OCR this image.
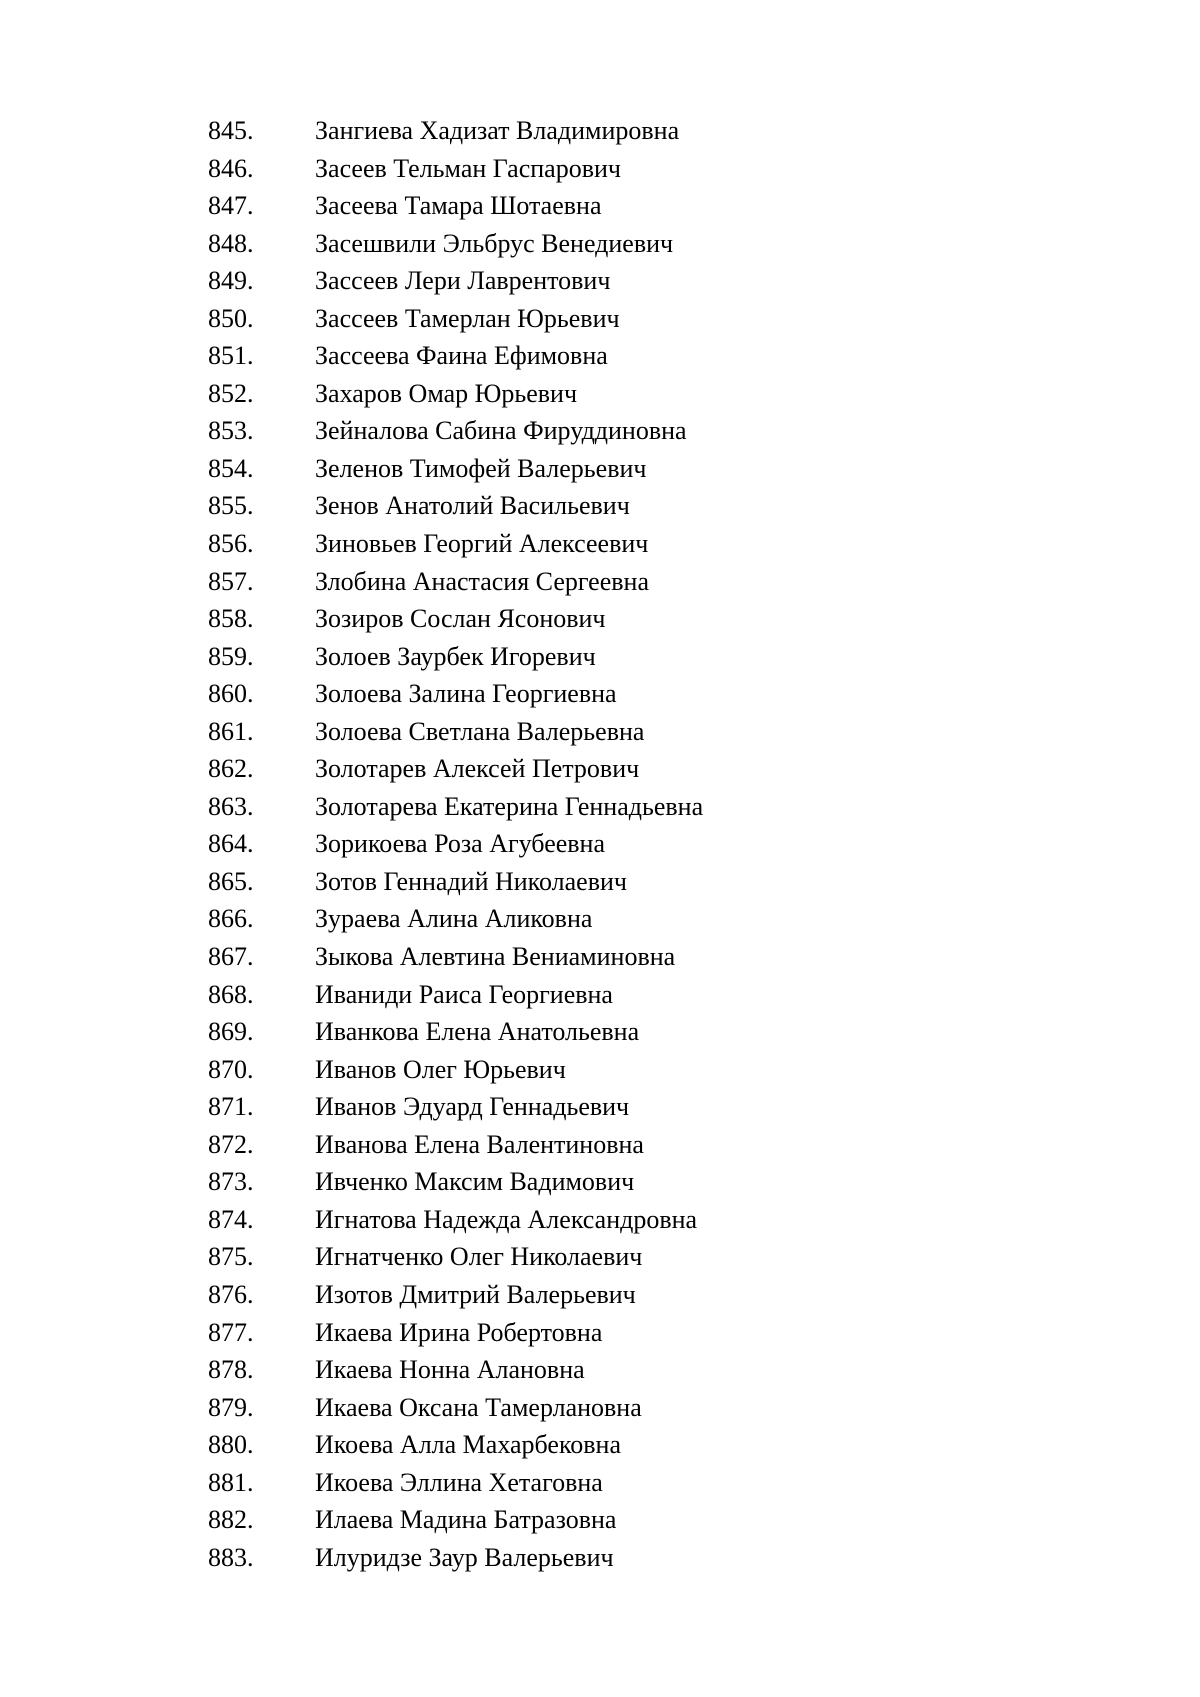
845. Зангиева Хадизат Владимировна
846. Засеев Тельман Гаспарович
847. Засеева Тамара Шотаевна
848. Засешвили Эльбрус Венедиевич
849. Зассеев Лери Лаврентович
850. Зассеев Тамерлан Юрьевич
851. Зассеева Фаина Ефимовна
852. Захаров Омар Юрьевич
853. Зейналова Сабина Фируддиновна
854. Зеленов Тимофей Валерьевич
855. Зенов Анатолий Васильевич
856. Зиновьев Георгий Алексеевич
857. Злобина Анастасия Сергеевна
858. Зозиров Сослан Ясонович
859. Золоев Заурбек Игоревич
860. Золоева Залина Георгиевна
861. Золоева Светлана Валерьевна
862. Золотарев Алексей Петрович
863. Золотарева Екатерина Геннадьевна
864. Зорикоева Роза Агубеевна
865. Зотов Геннадий Николаевич
866. Зураева Алина Аликовна
867. Зыкова Алевтина Вениаминовна
868. Иваниди Раиса Георгиевна
869. Иванкова Елена Анатольевна
870. Иванов Олег Юрьевич
871. Иванов Эдуард Геннадьевич
872. Иванова Елена Валентиновна
873. Ивченко Максим Вадимович
874. Игнатова Надежда Александровна
875. Игнатченко Олег Николаевич
876. Изотов Дмитрий Валерьевич
877. Икаева Ирина Робертовна
878. Икаева Нонна Алановна
879. Икаева Оксана Тамерлановна
880. Икоева Алла Махарбековна
881. Икоева Эллина Хетаговна
882. Илаева Мадина Батразовна
883. Илуридзе Заур Валерьевич
